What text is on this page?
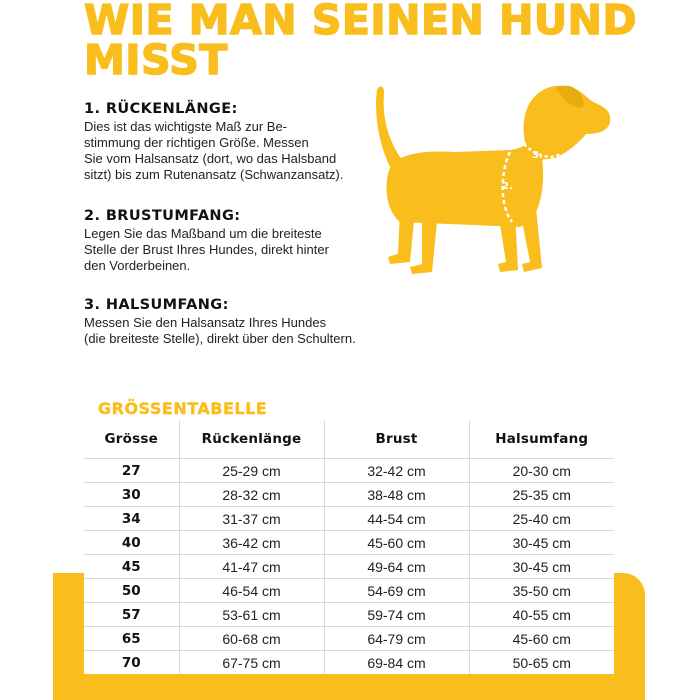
WIE MAN SEINEN HUND MISST
1. RÜCKENLÄNGE:

Dies ist das wichtigste Maß zur Be-
stimmung der richtigen Größe. Messen
Sie vom Halsansatz (dort, wo das Halsband
sitzt) bis zum Rutenansatz (Schwanzansatz).

2. BRUSTUMFANG:

Legen Sie das Maßband um die breiteste
Stelle der Brust Ihres Hundes, direkt hinter
den Vorderbeinen.

3. HALSUMFANG:

Messen Sie den Halsansatz Ihres Hundes
(die breiteste Stelle), direkt über den Schultern.

1.
2.
3.
GRÖSSENTABELLE
Grösse	Rückenlänge	Brust	Halsumfang
27	25-29 cm	32-42 cm	20-30 cm
30	28-32 cm	38-48 cm	25-35 cm
34	31-37 cm	44-54 cm	25-40 cm
40	36-42 cm	45-60 cm	30-45 cm
45	41-47 cm	49-64 cm	30-45 cm
50	46-54 cm	54-69 cm	35-50 cm
57	53-61 cm	59-74 cm	40-55 cm
65	60-68 cm	64-79 cm	45-60 cm
70	67-75 cm	69-84 cm	50-65 cm
